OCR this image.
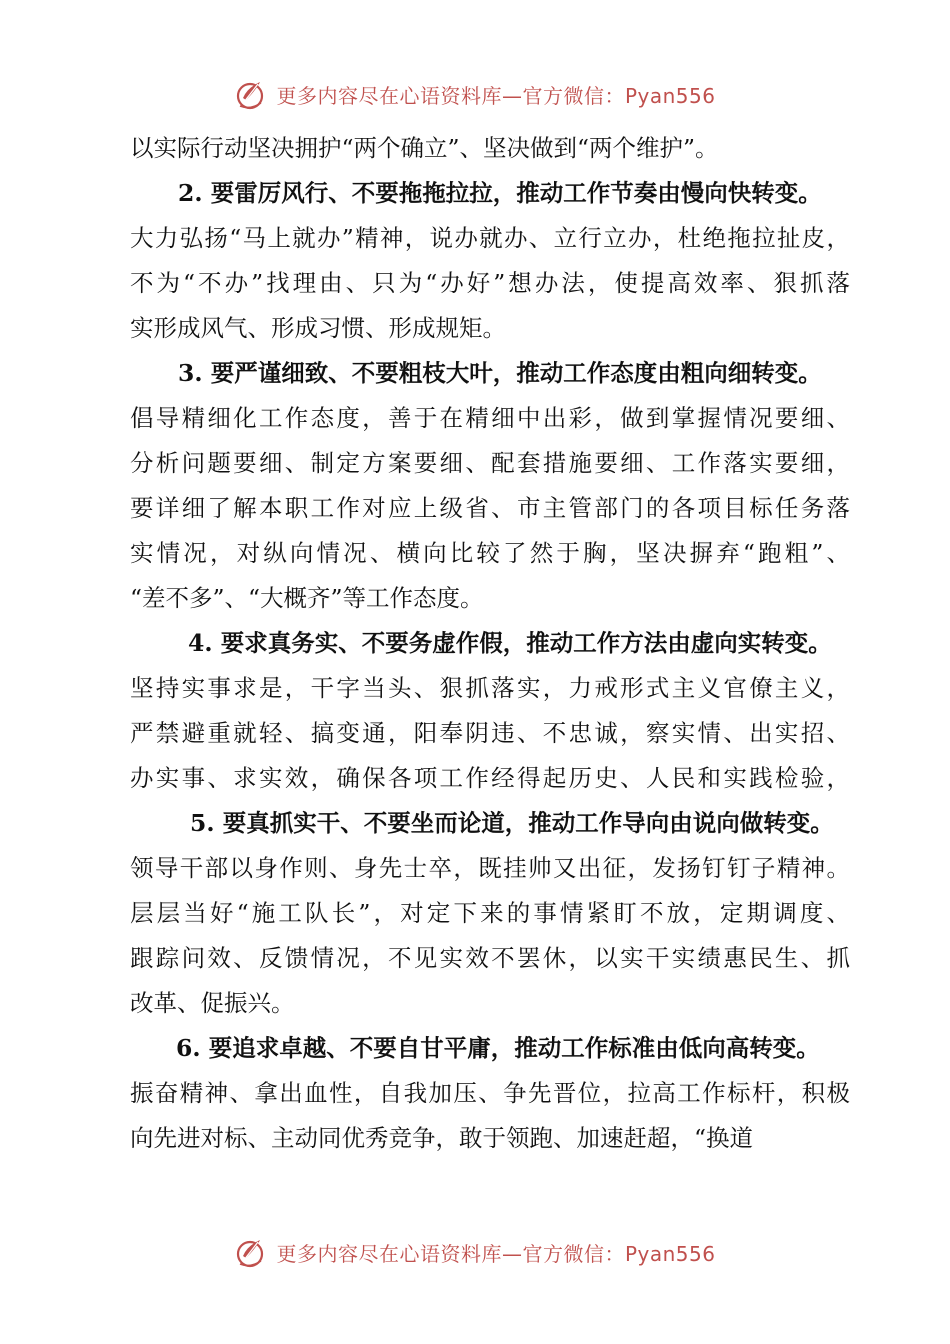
更多内容尽在心语资料库—官方微信：Pyan556
以实际行动坚决拥护“两个确立”、坚决做到“两个维护”。
2. 要雷厉风行、不要拖拖拉拉，推动工作节奏由慢向快转变。
大力弘扬“马上就办”精神，说办就办、立行立办，杜绝拖拉扯皮，
不为“不办”找理由、只为“办好”想办法，使提高效率、狠抓落
实形成风气、形成习惯、形成规矩。
3. 要严谨细致、不要粗枝大叶，推动工作态度由粗向细转变。
倡导精细化工作态度，善于在精细中出彩，做到掌握情况要细、
分析问题要细、制定方案要细、配套措施要细、工作落实要细，
要详细了解本职工作对应上级省、市主管部门的各项目标任务落
实情况，对纵向情况、横向比较了然于胸，坚决摒弃“跑粗”、
“差不多”、“大概齐”等工作态度。
4. 要求真务实、不要务虚作假，推动工作方法由虚向实转变。
坚持实事求是，干字当头、狠抓落实，力戒形式主义官僚主义，
严禁避重就轻、搞变通，阳奉阴违、不忠诚，察实情、出实招、
办实事、求实效，确保各项工作经得起历史、人民和实践检验，
5. 要真抓实干、不要坐而论道，推动工作导向由说向做转变。
领导干部以身作则、身先士卒，既挂帅又出征，发扬钉钉子精神。
层层当好“施工队长”，对定下来的事情紧盯不放，定期调度、
跟踪问效、反馈情况，不见实效不罢休，以实干实绩惠民生、抓
改革、促振兴。
6. 要追求卓越、不要自甘平庸，推动工作标准由低向高转变。
振奋精神、拿出血性，自我加压、争先晋位，拉高工作标杆，积极
向先进对标、主动同优秀竞争，敢于领跑、加速赶超，“换道
更多内容尽在心语资料库—官方微信：Pyan556
